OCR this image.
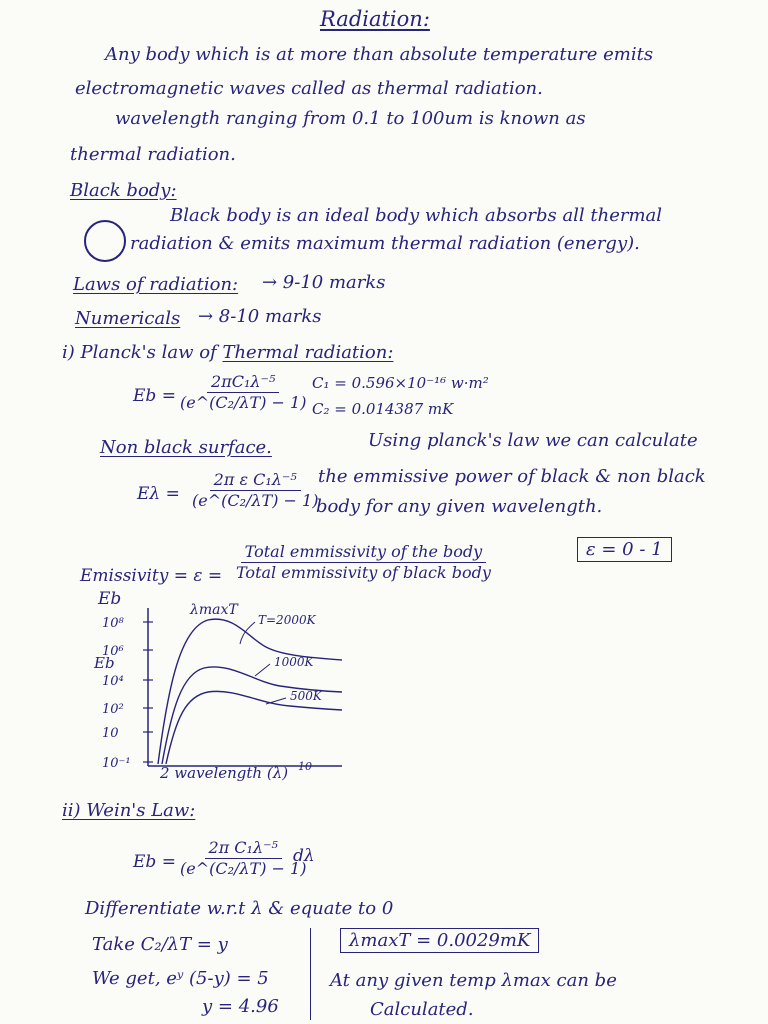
Radiation:
Any body which is at more than absolute temperature emits
electromagnetic waves called as thermal radiation.
wavelength ranging from 0.1 to 100um is known as
thermal radiation.
Black body:
Black body is an ideal body which absorbs all thermal
radiation & emits maximum thermal radiation (energy).
Laws of radiation: → 9-10 marks
Numericals → 8-10 marks
i) Planck's law of Thermal radiation:
$Eb = \frac{\text{2πC₁λ⁻⁵}}{\text{(e\textasciicircum{}(C₂/λT) − 1)}} C_1 = 0.596\times 10^{-16}$ w·m²
C₂ = 0.014387 mK
Non black surface.	Using planck's law we can calculate
the emmissive power of black & non black
body for any given wavelength.
$E\lambda = \frac{\text{2π ε C₁λ⁻⁵}}{\text{(e\textasciicircum{}(C₂/λT) − 1)}}$
Emissivity = ε =
Total emmissivity of the body
Total emmissivity of black body
ε = 0 - 1
Eb
Eb
10⁸
10⁶
10⁴
10²
10
10⁻¹
λmaxT
T=2000K
1000K
500K
2 wavelength (λ) 10
ii) Wein's Law:
$Eb = \frac{\text{2π C₁λ⁻⁵}}{\text{(e\textasciicircum{}(C₂/λT) − 1)}}$
dλ
Differentiate w.r.t λ & equate to 0
Take C₂/λT = y
We get, eʸ (5-y) = 5
y = 4.96
λmaxT = 0.0029mK
At any given temp λmax can be
Calculated.
